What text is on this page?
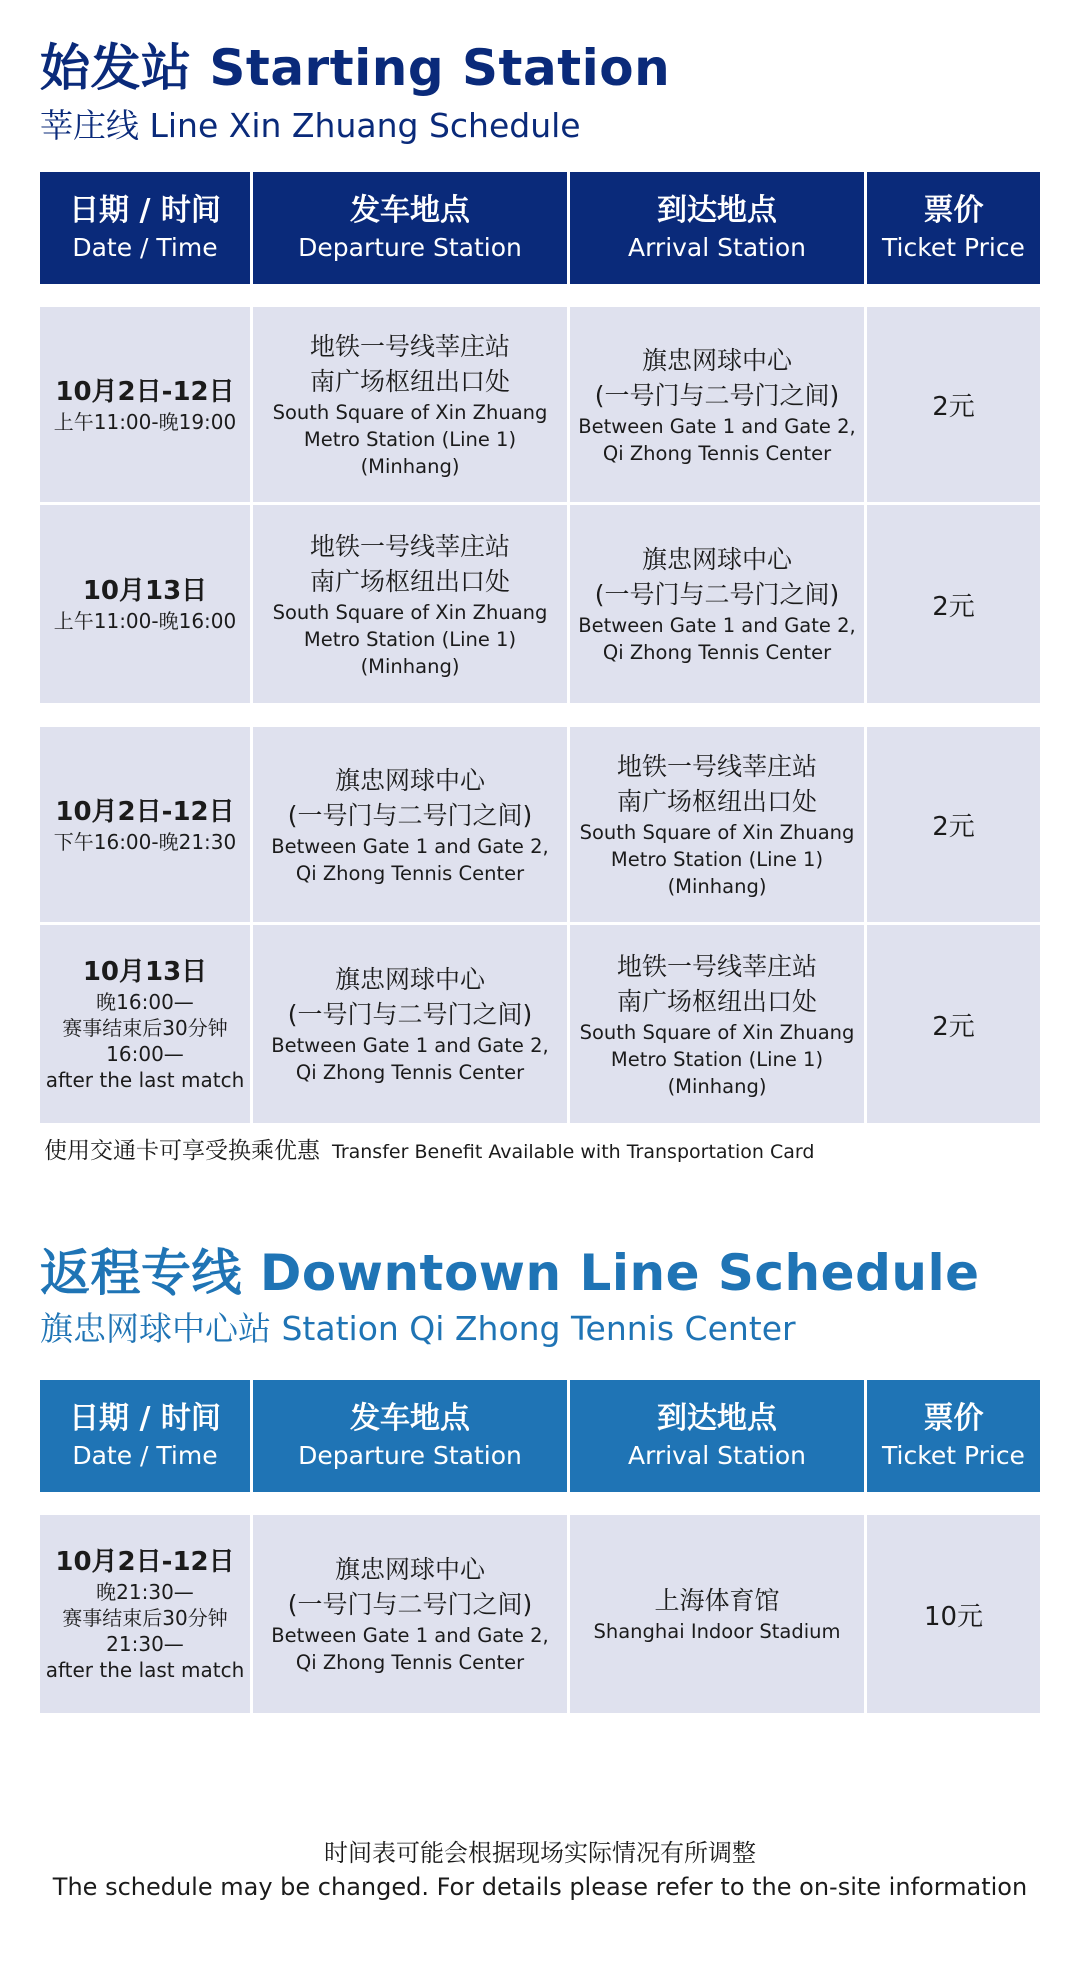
始发站 Starting Station
莘庄线 Line Xin Zhuang Schedule
日期 / 时间
Date / Time
发车地点
Departure Station
到达地点
Arrival Station
票价
Ticket Price
10月2日-12日
上午11:00-晚19:00
地铁一号线莘庄站
南广场枢纽出口处
South Square of Xin Zhuang
Metro Station (Line 1)
(Minhang)
旗忠网球中心
(一号门与二号门之间)
Between Gate 1 and Gate 2,
Qi Zhong Tennis Center
2元
10月13日
上午11:00-晚16:00
地铁一号线莘庄站
南广场枢纽出口处
South Square of Xin Zhuang
Metro Station (Line 1)
(Minhang)
旗忠网球中心
(一号门与二号门之间)
Between Gate 1 and Gate 2,
Qi Zhong Tennis Center
2元
10月2日-12日
下午16:00-晚21:30
旗忠网球中心
(一号门与二号门之间)
Between Gate 1 and Gate 2,
Qi Zhong Tennis Center
地铁一号线莘庄站
南广场枢纽出口处
South Square of Xin Zhuang
Metro Station (Line 1)
(Minhang)
2元
10月13日
晚16:00—
赛事结束后30分钟
16:00—
after the last match
旗忠网球中心
(一号门与二号门之间)
Between Gate 1 and Gate 2,
Qi Zhong Tennis Center
地铁一号线莘庄站
南广场枢纽出口处
South Square of Xin Zhuang
Metro Station (Line 1)
(Minhang)
2元
使用交通卡可享受换乘优惠 Transfer Benefit Available with Transportation Card
返程专线 Downtown Line Schedule
旗忠网球中心站 Station Qi Zhong Tennis Center
日期 / 时间
Date / Time
发车地点
Departure Station
到达地点
Arrival Station
票价
Ticket Price
10月2日-12日
晚21:30—
赛事结束后30分钟
21:30—
after the last match
旗忠网球中心
(一号门与二号门之间)
Between Gate 1 and Gate 2,
Qi Zhong Tennis Center
上海体育馆
Shanghai Indoor Stadium	10元
时间表可能会根据现场实际情况有所调整
The schedule may be changed. For details please refer to the on-site information
